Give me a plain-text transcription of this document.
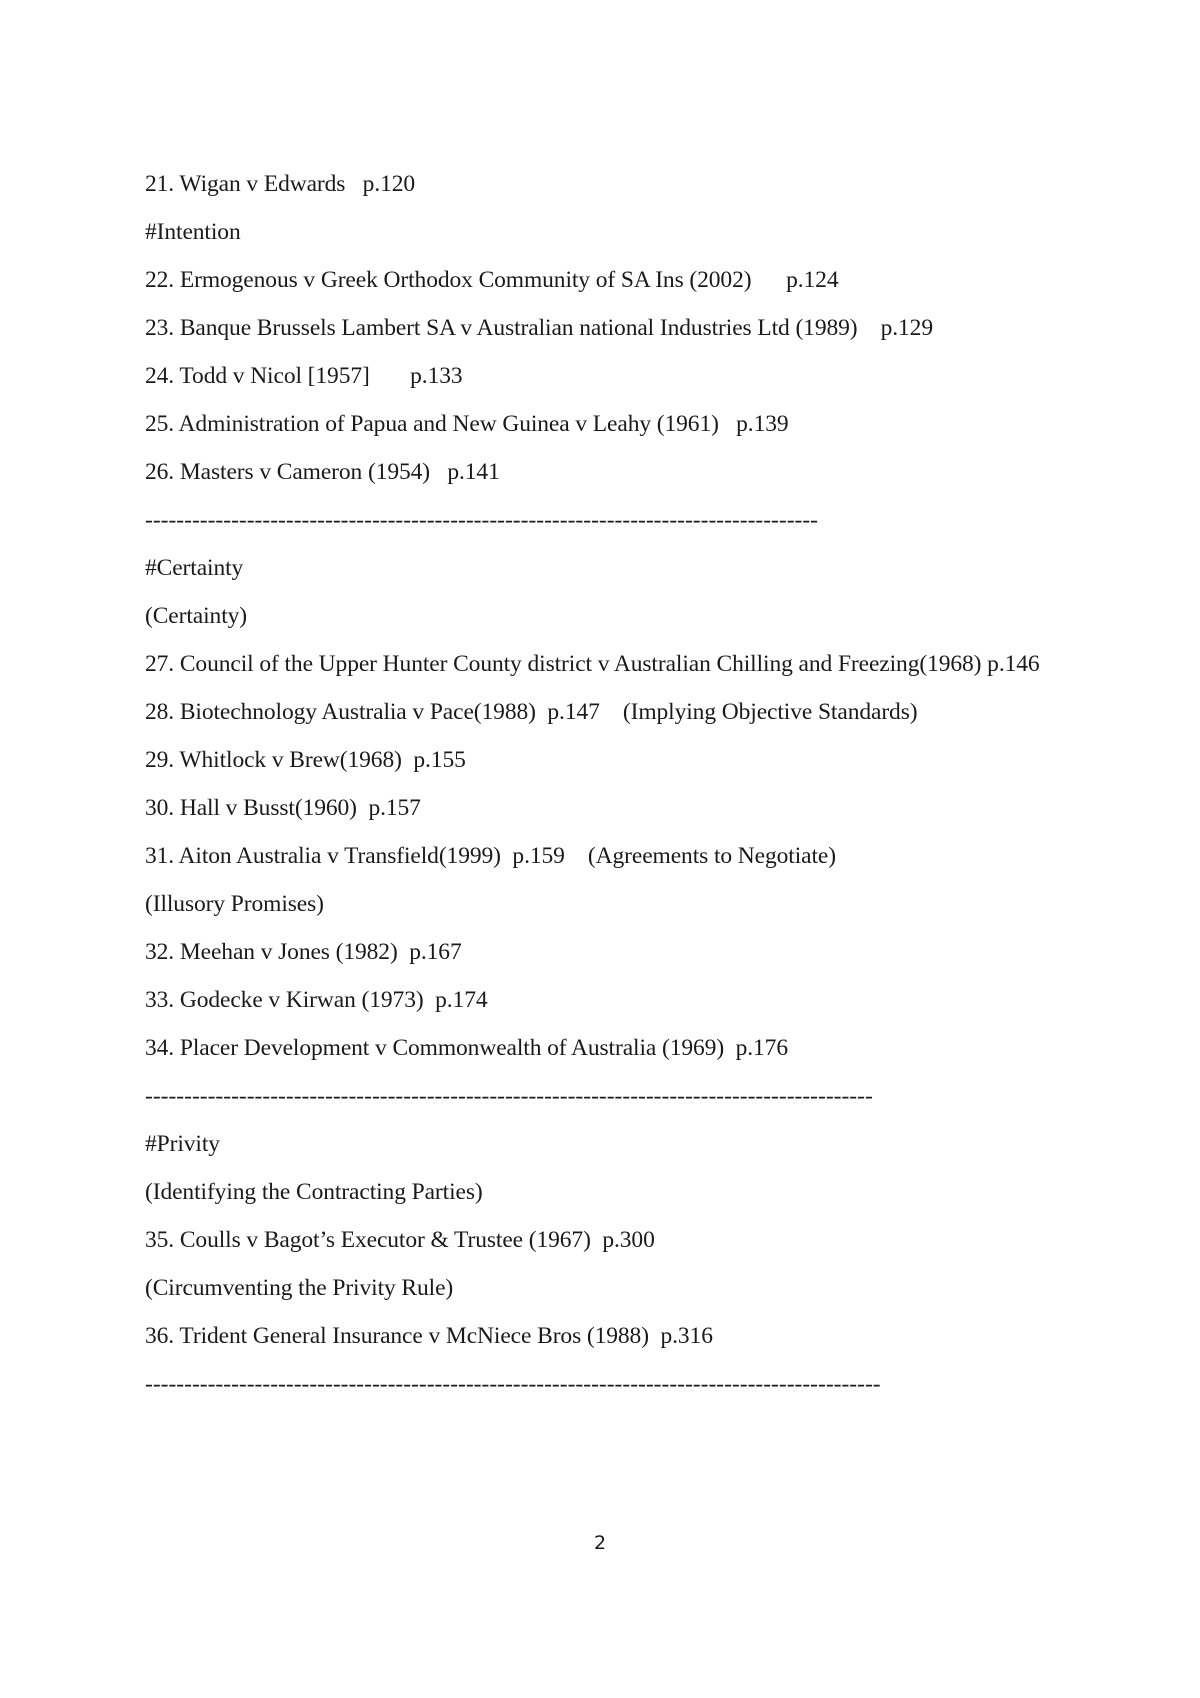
21. Wigan v Edwards   p.120
#Intention
22. Ermogenous v Greek Orthodox Community of SA Ins (2002)      p.124
23. Banque Brussels Lambert SA v Australian national Industries Ltd (1989)    p.129
24. Todd v Nicol [1957]       p.133
25. Administration of Papua and New Guinea v Leahy (1961)   p.139
26. Masters v Cameron (1954)   p.141
--------------------------------------------------------------------------------------
#Certainty
(Certainty)
27. Council of the Upper Hunter County district v Australian Chilling and Freezing(1968) p.146
28. Biotechnology Australia v Pace(1988)  p.147    (Implying Objective Standards)
29. Whitlock v Brew(1968)  p.155
30. Hall v Busst(1960)  p.157
31. Aiton Australia v Transfield(1999)  p.159    (Agreements to Negotiate)
(Illusory Promises)
32. Meehan v Jones (1982)  p.167
33. Godecke v Kirwan (1973)  p.174
34. Placer Development v Commonwealth of Australia (1969)  p.176
---------------------------------------------------------------------------------------------
#Privity
(Identifying the Contracting Parties)
35. Coulls v Bagot’s Executor & Trustee (1967)  p.300
(Circumventing the Privity Rule)
36. Trident General Insurance v McNiece Bros (1988)  p.316
----------------------------------------------------------------------------------------------
2
